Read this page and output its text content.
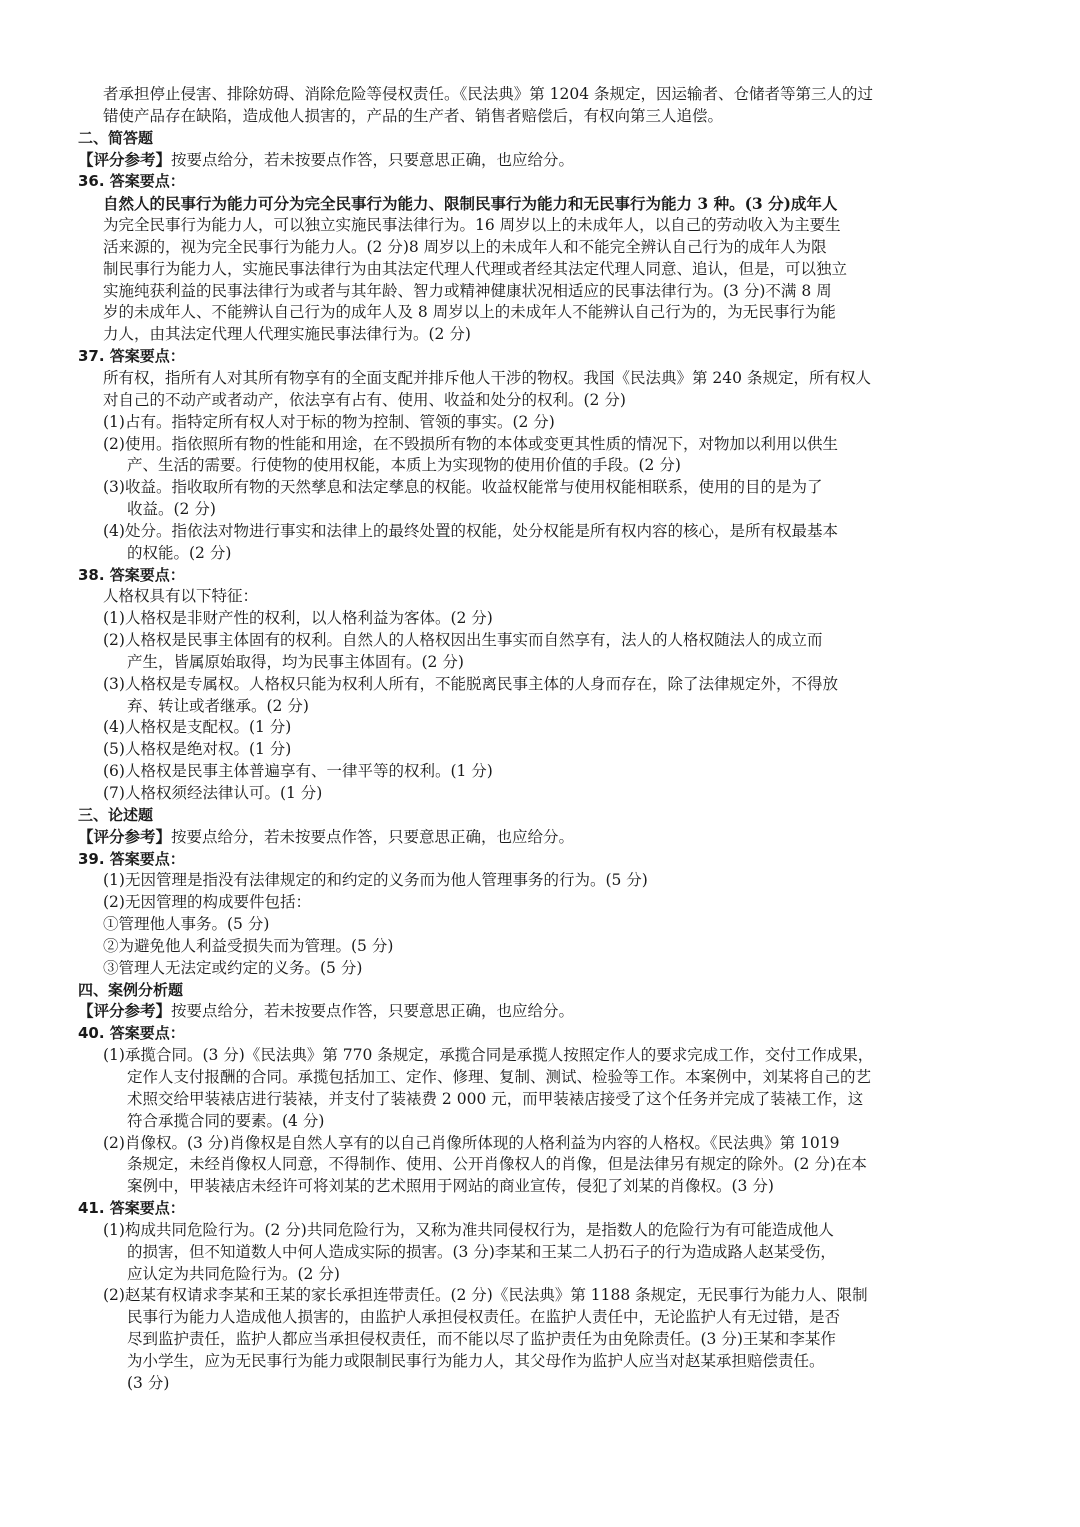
者承担停止侵害、排除妨碍、消除危险等侵权责任。《民法典》第 1204 条规定，因运输者、仓储者等第三人的过
错使产品存在缺陷，造成他人损害的，产品的生产者、销售者赔偿后，有权向第三人追偿。
二、简答题
【评分参考】按要点给分，若未按要点作答，只要意思正确，也应给分。
36. 答案要点：
自然人的民事行为能力可分为完全民事行为能力、限制民事行为能力和无民事行为能力 3 种。(3 分)成年人
为完全民事行为能力人，可以独立实施民事法律行为。16 周岁以上的未成年人，以自己的劳动收入为主要生
活来源的，视为完全民事行为能力人。(2 分)8 周岁以上的未成年人和不能完全辨认自己行为的成年人为限
制民事行为能力人，实施民事法律行为由其法定代理人代理或者经其法定代理人同意、追认，但是，可以独立
实施纯获利益的民事法律行为或者与其年龄、智力或精神健康状况相适应的民事法律行为。(3 分)不满 8 周
岁的未成年人、不能辨认自己行为的成年人及 8 周岁以上的未成年人不能辨认自己行为的，为无民事行为能
力人，由其法定代理人代理实施民事法律行为。(2 分)
37. 答案要点：
所有权，指所有人对其所有物享有的全面支配并排斥他人干涉的物权。我国《民法典》第 240 条规定，所有权人
对自己的不动产或者动产，依法享有占有、使用、收益和处分的权利。(2 分)
(1)占有。指特定所有权人对于标的物为控制、管领的事实。(2 分)
(2)使用。指依照所有物的性能和用途，在不毁损所有物的本体或变更其性质的情况下，对物加以利用以供生
产、生活的需要。行使物的使用权能，本质上为实现物的使用价值的手段。(2 分)
(3)收益。指收取所有物的天然孳息和法定孳息的权能。收益权能常与使用权能相联系，使用的目的是为了
收益。(2 分)
(4)处分。指依法对物进行事实和法律上的最终处置的权能，处分权能是所有权内容的核心，是所有权最基本
的权能。(2 分)
38. 答案要点：
人格权具有以下特征：
(1)人格权是非财产性的权利，以人格利益为客体。(2 分)
(2)人格权是民事主体固有的权利。自然人的人格权因出生事实而自然享有，法人的人格权随法人的成立而
产生，皆属原始取得，均为民事主体固有。(2 分)
(3)人格权是专属权。人格权只能为权利人所有，不能脱离民事主体的人身而存在，除了法律规定外，不得放
弃、转让或者继承。(2 分)
(4)人格权是支配权。(1 分)
(5)人格权是绝对权。(1 分)
(6)人格权是民事主体普遍享有、一律平等的权利。(1 分)
(7)人格权须经法律认可。(1 分)
三、论述题
【评分参考】按要点给分，若未按要点作答，只要意思正确，也应给分。
39. 答案要点：
(1)无因管理是指没有法律规定的和约定的义务而为他人管理事务的行为。(5 分)
(2)无因管理的构成要件包括：
①管理他人事务。(5 分)
②为避免他人利益受损失而为管理。(5 分)
③管理人无法定或约定的义务。(5 分)
四、案例分析题
【评分参考】按要点给分，若未按要点作答，只要意思正确，也应给分。
40. 答案要点：
(1)承揽合同。(3 分)《民法典》第 770 条规定，承揽合同是承揽人按照定作人的要求完成工作，交付工作成果，
定作人支付报酬的合同。承揽包括加工、定作、修理、复制、测试、检验等工作。本案例中，刘某将自己的艺
术照交给甲装裱店进行装裱，并支付了装裱费 2 000 元，而甲装裱店接受了这个任务并完成了装裱工作，这
符合承揽合同的要素。(4 分)
(2)肖像权。(3 分)肖像权是自然人享有的以自己肖像所体现的人格利益为内容的人格权。《民法典》第 1019
条规定，未经肖像权人同意，不得制作、使用、公开肖像权人的肖像，但是法律另有规定的除外。(2 分)在本
案例中，甲装裱店未经许可将刘某的艺术照用于网站的商业宣传，侵犯了刘某的肖像权。(3 分)
41. 答案要点：
(1)构成共同危险行为。(2 分)共同危险行为，又称为准共同侵权行为，是指数人的危险行为有可能造成他人
的损害，但不知道数人中何人造成实际的损害。(3 分)李某和王某二人扔石子的行为造成路人赵某受伤，
应认定为共同危险行为。(2 分)
(2)赵某有权请求李某和王某的家长承担连带责任。(2 分)《民法典》第 1188 条规定，无民事行为能力人、限制
民事行为能力人造成他人损害的，由监护人承担侵权责任。在监护人责任中，无论监护人有无过错，是否
尽到监护责任，监护人都应当承担侵权责任，而不能以尽了监护责任为由免除责任。(3 分)王某和李某作
为小学生，应为无民事行为能力或限制民事行为能力人，其父母作为监护人应当对赵某承担赔偿责任。
(3 分)
